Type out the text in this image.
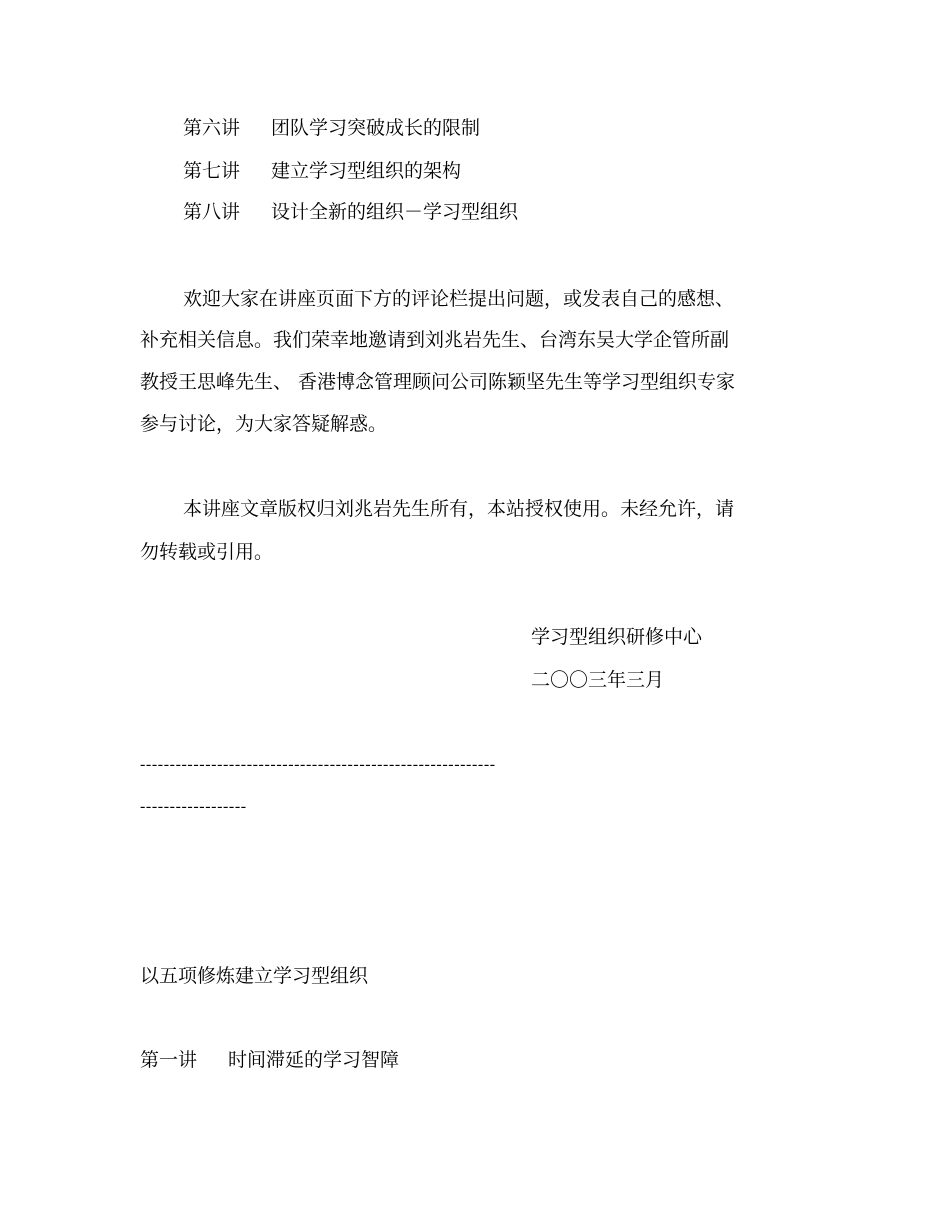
第六讲 团队学习突破成长的限制
第七讲 建立学习型组织的架构
第八讲 设计全新的组织－学习型组织
欢迎大家在讲座页面下方的评论栏提出问题，或发表自己的感想、
补充相关信息。我们荣幸地邀请到刘兆岩先生、台湾东吴大学企管所副
教授王思峰先生、 香港博念管理顾问公司陈颖坚先生等学习型组织专家
参与讨论，为大家答疑解惑。
本讲座文章版权归刘兆岩先生所有，本站授权使用。未经允许，请
勿转载或引用。
学习型组织研修中心
二〇〇三年三月
------------------------------------------------------------
------------------
以五项修炼建立学习型组织
第一讲 时间滞延的学习智障
